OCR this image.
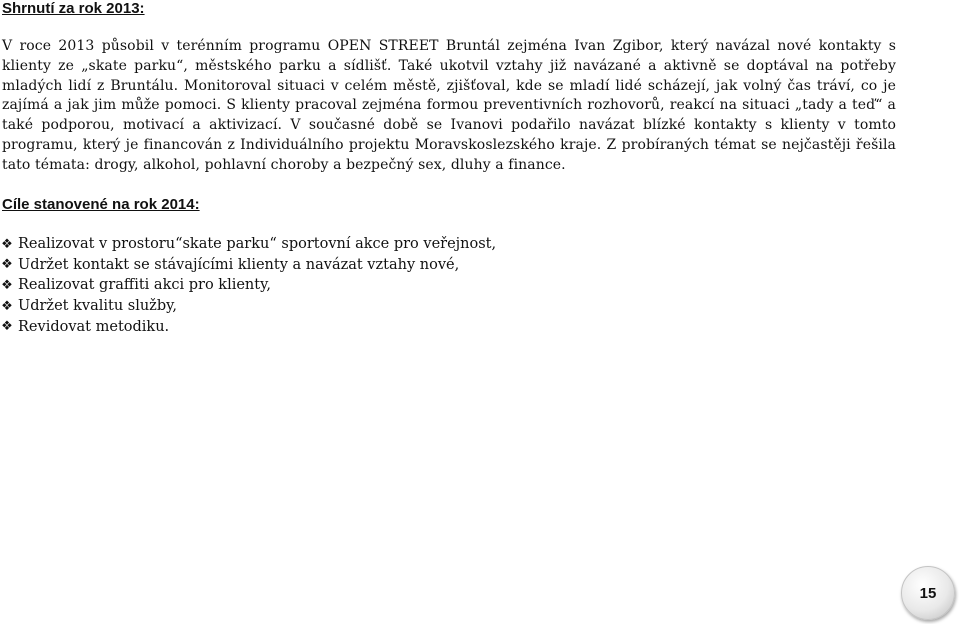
Shrnutí za rok 2013:

V roce 2013 působil v terénním programu OPEN STREET Bruntál zejména Ivan Zgibor, který navázal nové kontakty s klienty ze „skate parku“, městského parku a sídlišť. Také ukotvil vztahy již navázané a aktivně se doptával na potřeby mladých lidí z Bruntálu. Monitoroval situaci v celém městě, zjišťoval, kde se mladí lidé scházejí, jak volný čas tráví, co je zajímá a jak jim může pomoci. S klienty pracoval zejména formou preventivních rozhovorů, reakcí na situaci „tady a teď“ a také podporou, motivací a aktivizací. V současné době se Ivanovi podařilo navázat blízké kontakty s klienty v tomto programu, který je financován z Individuálního projektu Moravskoslezského kraje. Z probíraných témat se nejčastěji řešila tato témata: drogy, alkohol, pohlavní choroby a bezpečný sex, dluhy a finance.

Cíle stanovené na rok 2014:
❖ Realizovat v prostoru“skate parku“ sportovní akce pro veřejnost,
❖ Udržet kontakt se stávajícími klienty a navázat vztahy nové,
❖ Realizovat graffiti akci pro klienty,
❖ Udržet kvalitu služby,
❖ Revidovat metodiku.
15
